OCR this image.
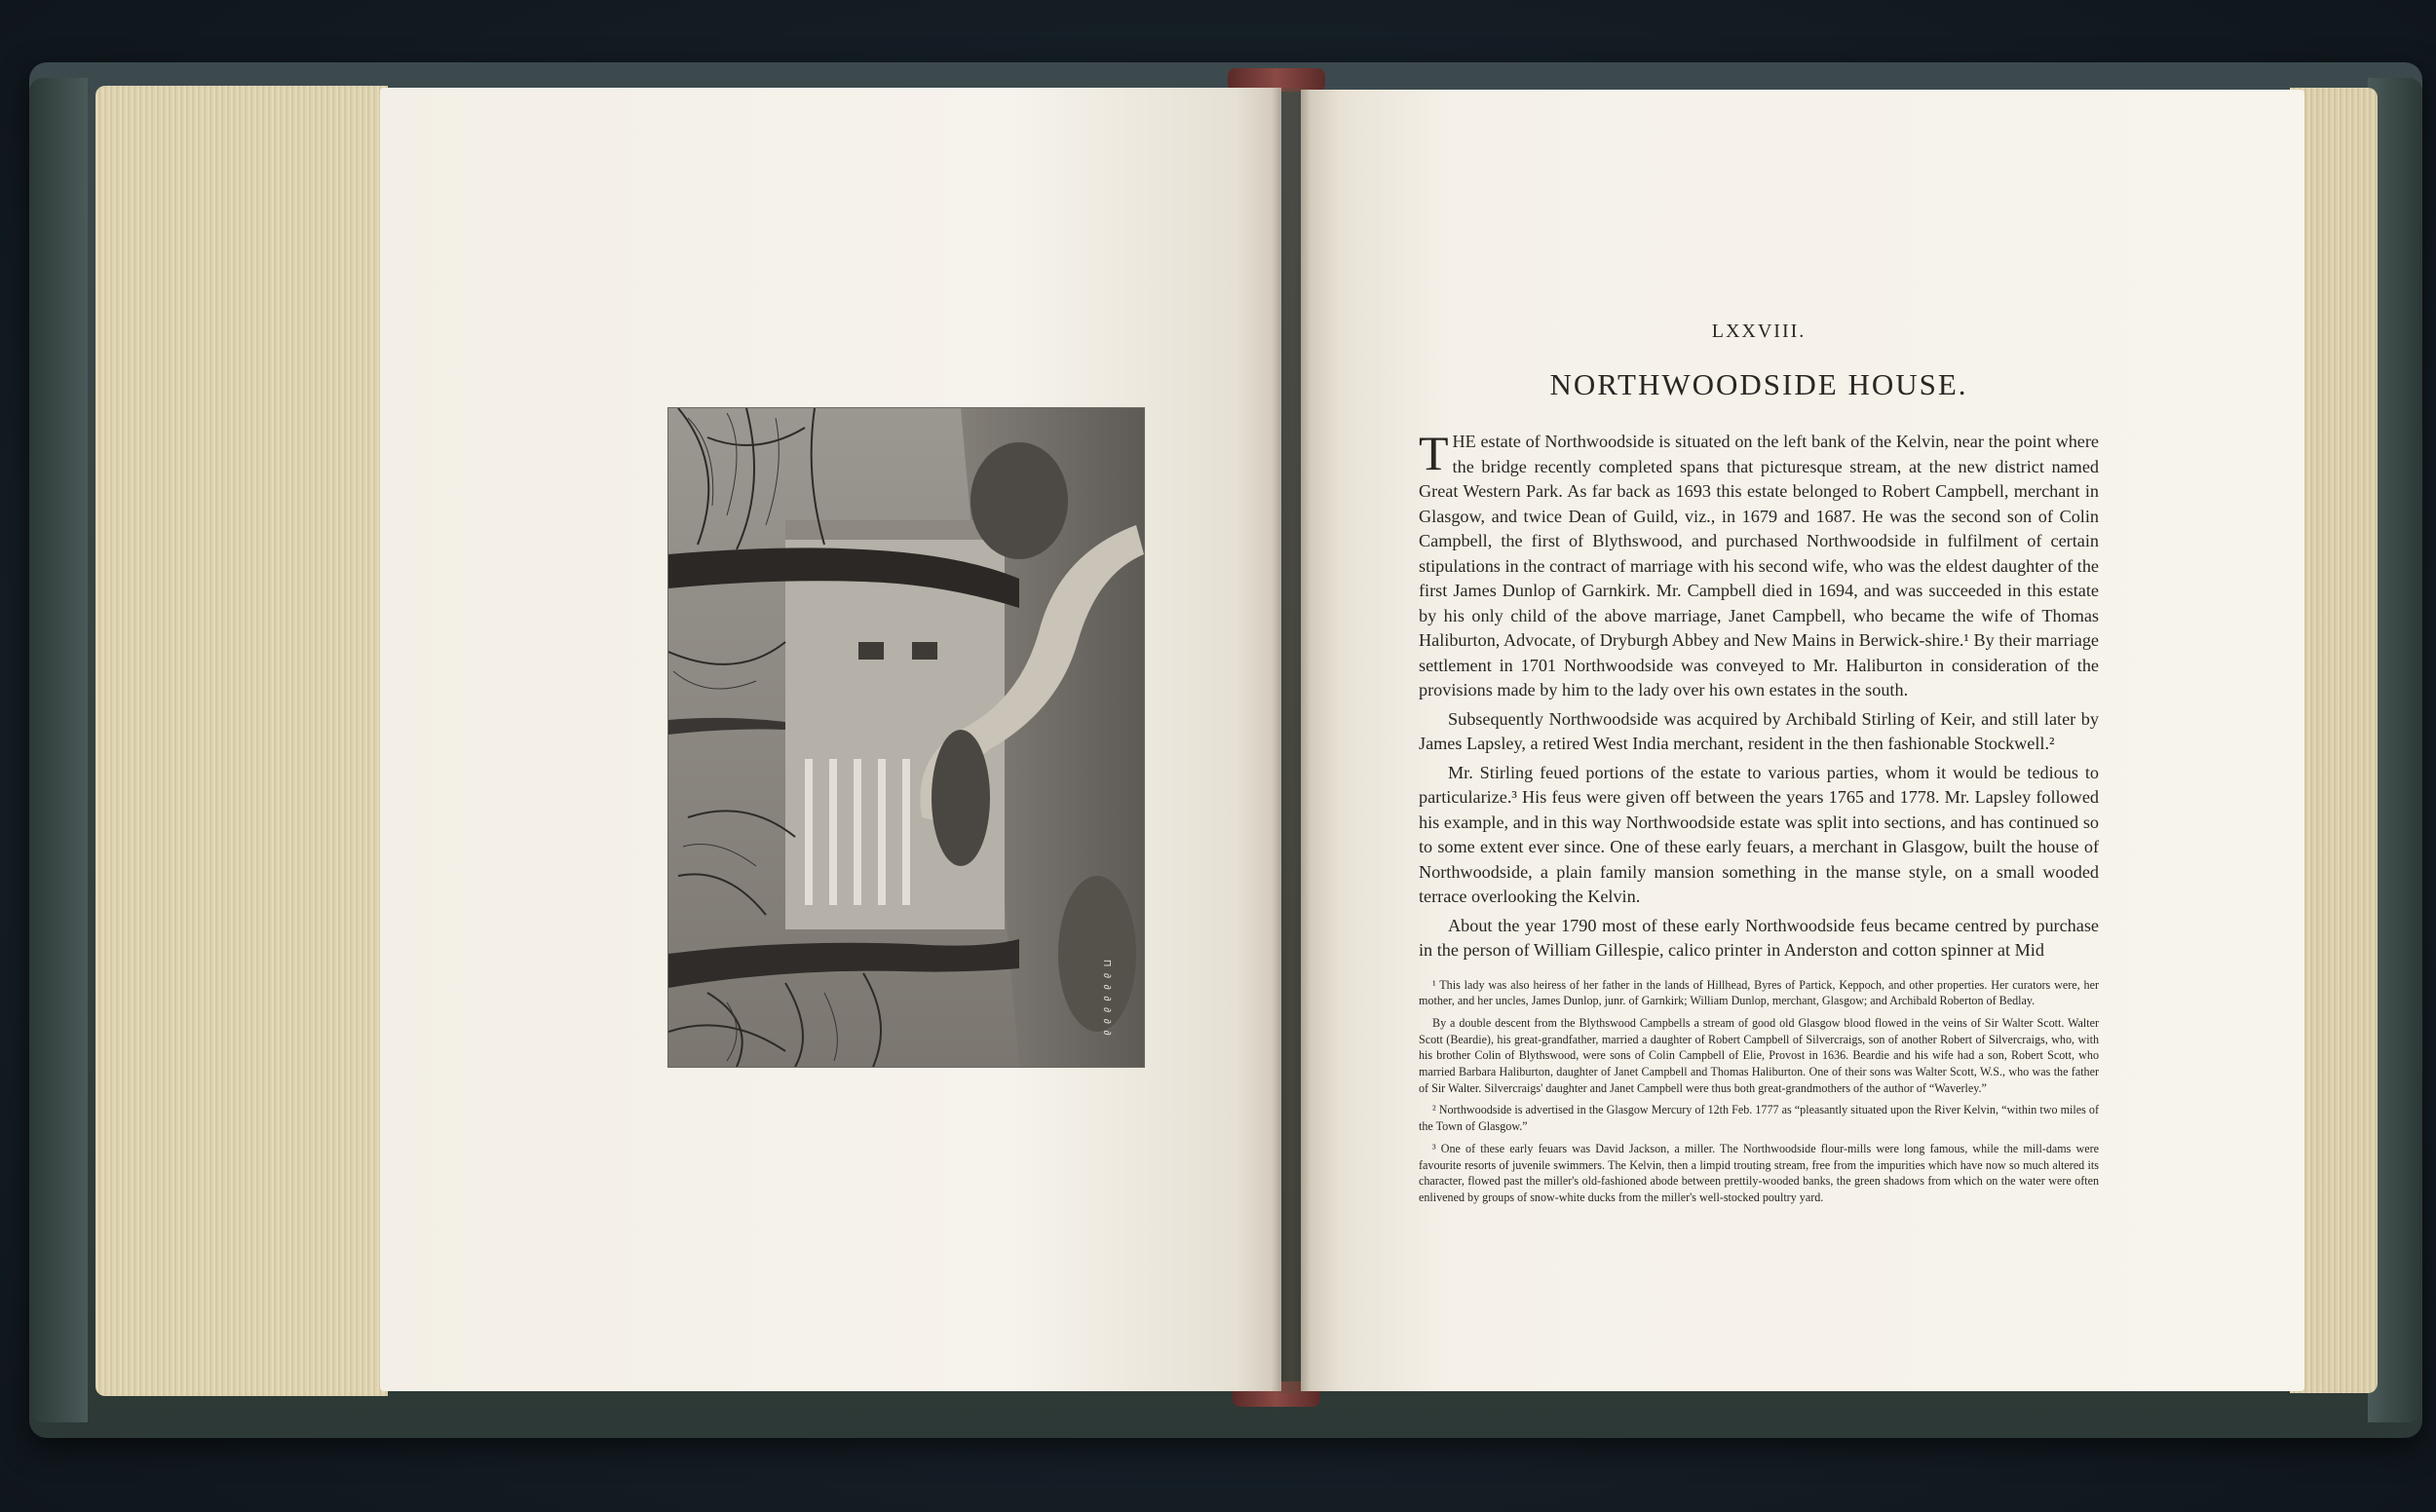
Π ∂ ∂ ∂ ∂ ∂ ∂
LXXVIII.
NORTHWOODSIDE HOUSE.

THE estate of Northwoodside is situated on the left bank of the Kelvin, near the point where the bridge recently completed spans that picturesque stream, at the new district named Great Western Park. As far back as 1693 this estate belonged to Robert Campbell, merchant in Glasgow, and twice Dean of Guild, viz., in 1679 and 1687. He was the second son of Colin Campbell, the first of Blythswood, and purchased Northwoodside in fulfilment of certain stipulations in the contract of marriage with his second wife, who was the eldest daughter of the first James Dunlop of Garnkirk. Mr. Campbell died in 1694, and was succeeded in this estate by his only child of the above marriage, Janet Campbell, who became the wife of Thomas Haliburton, Advocate, of Dryburgh Abbey and New Mains in Berwick-shire.¹ By their marriage settlement in 1701 Northwoodside was conveyed to Mr. Haliburton in consideration of the provisions made by him to the lady over his own estates in the south.

Subsequently Northwoodside was acquired by Archibald Stirling of Keir, and still later by James Lapsley, a retired West India merchant, resident in the then fashionable Stockwell.²

Mr. Stirling feued portions of the estate to various parties, whom it would be tedious to particularize.³ His feus were given off between the years 1765 and 1778. Mr. Lapsley followed his example, and in this way Northwoodside estate was split into sections, and has continued so to some extent ever since. One of these early feuars, a merchant in Glasgow, built the house of Northwoodside, a plain family mansion something in the manse style, on a small wooded terrace overlooking the Kelvin.

About the year 1790 most of these early Northwoodside feus became centred by purchase in the person of William Gillespie, calico printer in Anderston and cotton spinner at Mid

¹ This lady was also heiress of her father in the lands of Hillhead, Byres of Partick, Keppoch, and other properties. Her curators were, her mother, and her uncles, James Dunlop, junr. of Garnkirk; William Dunlop, merchant, Glasgow; and Archibald Roberton of Bedlay.

By a double descent from the Blythswood Campbells a stream of good old Glasgow blood flowed in the veins of Sir Walter Scott. Walter Scott (Beardie), his great-grandfather, married a daughter of Robert Campbell of Silvercraigs, son of another Robert of Silvercraigs, who, with his brother Colin of Blythswood, were sons of Colin Campbell of Elie, Provost in 1636. Beardie and his wife had a son, Robert Scott, who married Barbara Haliburton, daughter of Janet Campbell and Thomas Haliburton. One of their sons was Walter Scott, W.S., who was the father of Sir Walter. Silvercraigs' daughter and Janet Campbell were thus both great-grandmothers of the author of “Waverley.”

² Northwoodside is advertised in the Glasgow Mercury of 12th Feb. 1777 as “pleasantly situated upon the River Kelvin, “within two miles of the Town of Glasgow.”

³ One of these early feuars was David Jackson, a miller. The Northwoodside flour-mills were long famous, while the mill-dams were favourite resorts of juvenile swimmers. The Kelvin, then a limpid trouting stream, free from the impurities which have now so much altered its character, flowed past the miller's old-fashioned abode between prettily-wooded banks, the green shadows from which on the water were often enlivened by groups of snow-white ducks from the miller's well-stocked poultry yard.
